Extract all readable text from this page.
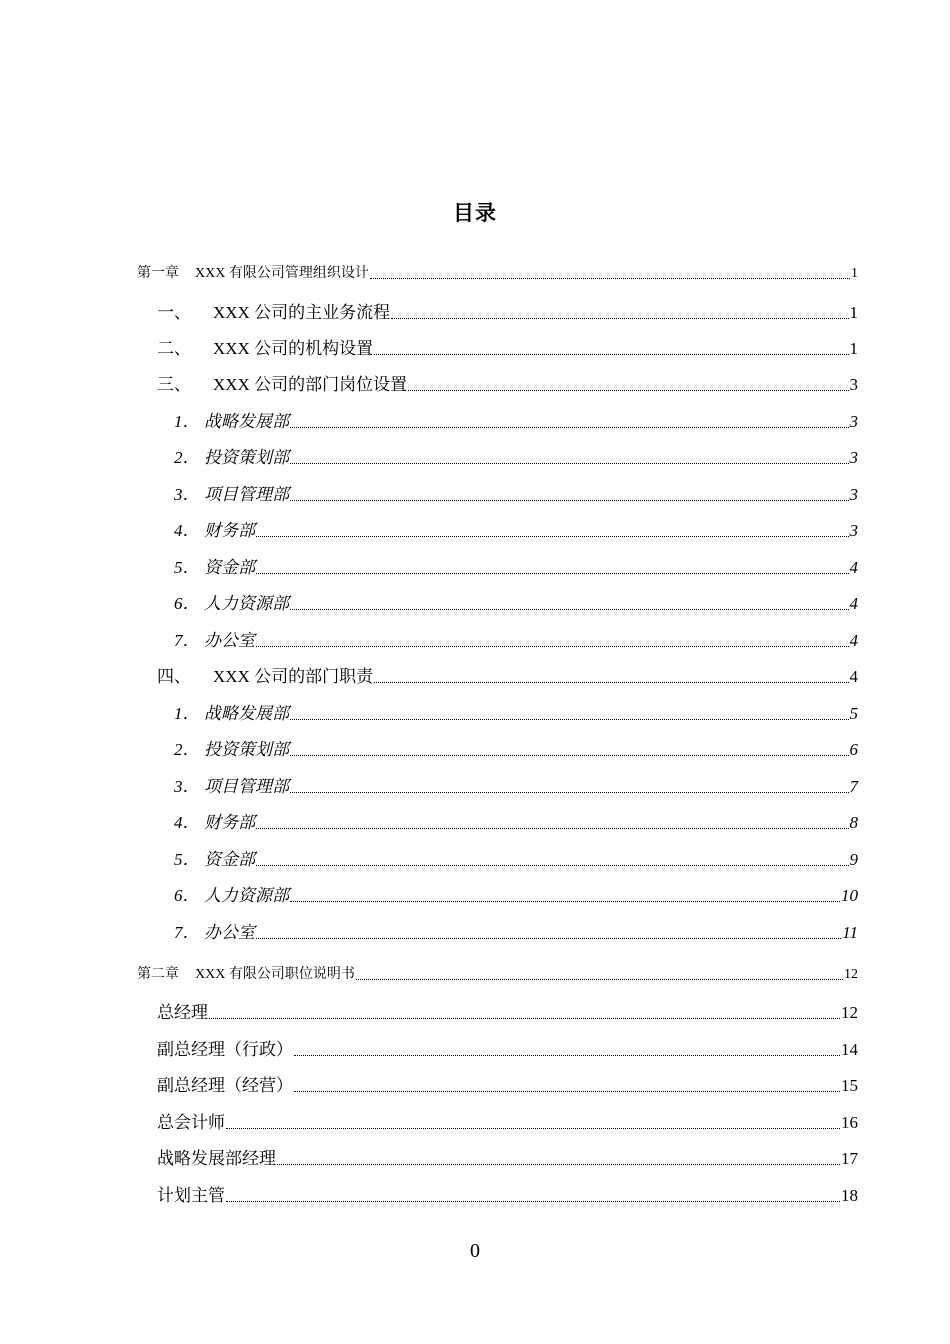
目录
第一章	XXX 有限公司管理组织设计	1
一、	XXX 公司的主业务流程	1
二、	XXX 公司的机构设置	1
三、	XXX 公司的部门岗位设置	3
1． 战略发展部	3
2． 投资策划部	3
3． 项目管理部	3
4． 财务部	3
5． 资金部	4
6． 人力资源部	4
7． 办公室	4
四、	XXX 公司的部门职责	4
1． 战略发展部	5
2． 投资策划部	6
3． 项目管理部	7
4． 财务部	8
5． 资金部	9
6． 人力资源部	10
7． 办公室	11
第二章	XXX 有限公司职位说明书	12
总经理	12
副总经理（行政）	14
副总经理（经营）	15
总会计师	16
战略发展部经理	17
计划主管	18
0
